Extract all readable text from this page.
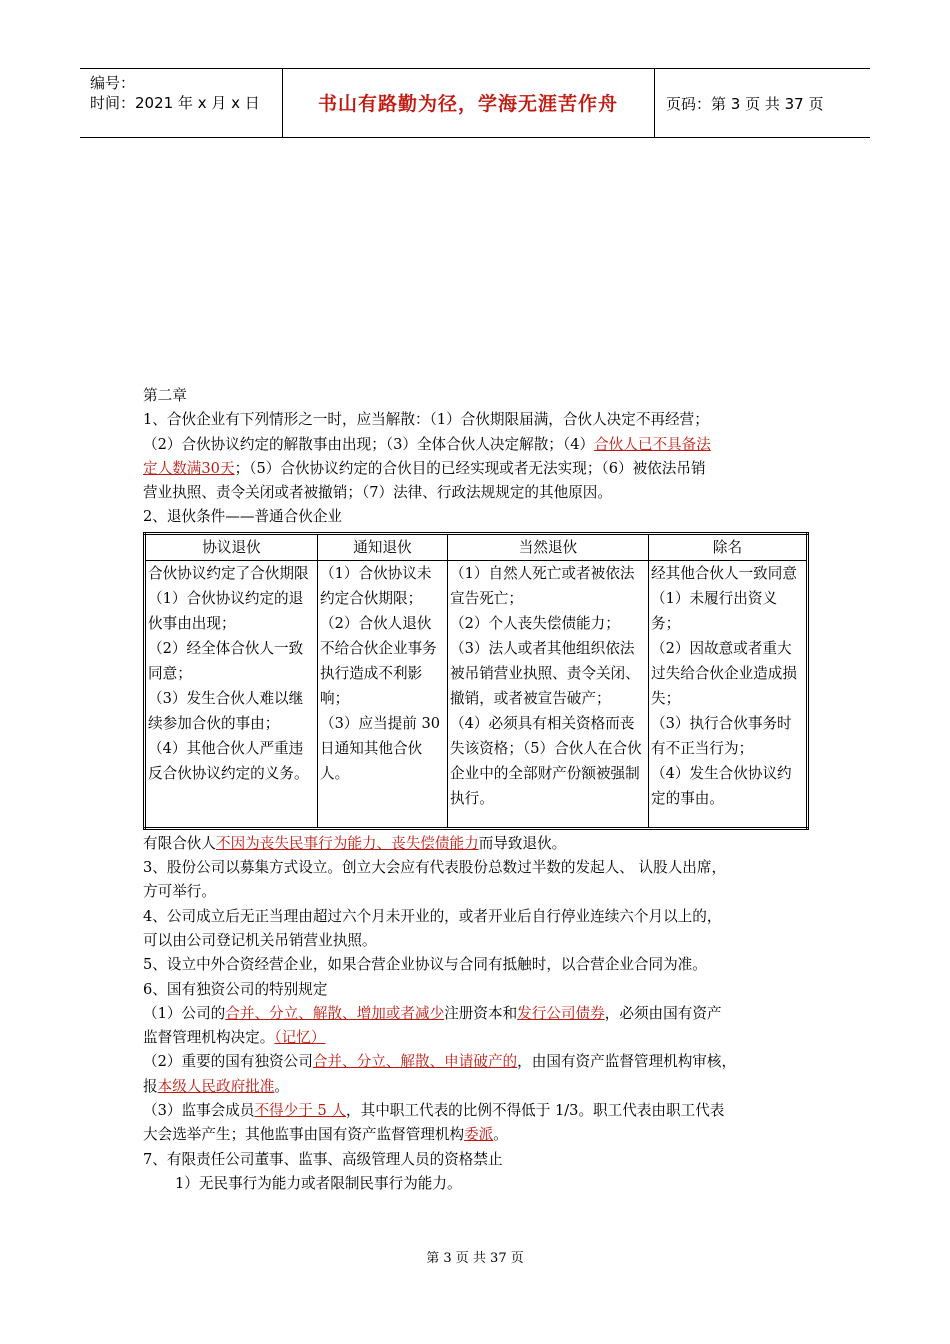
编号：
时间：2021 年 x 月 x 日	书山有路勤为径，学海无涯苦作舟	页码：第 3 页 共 37 页
第二章
1、合伙企业有下列情形之一时，应当解散：（1）合伙期限届满，合伙人决定不再经营；
（2）合伙协议约定的解散事由出现；（3）全体合伙人决定解散；（4）合伙人已不具备法
定人数满30天；（5）合伙协议约定的合伙目的已经实现或者无法实现；（6）被依法吊销
营业执照、责令关闭或者被撤销；（7）法律、行政法规规定的其他原因。
2、退伙条件——普通合伙企业
协议退伙	通知退伙	当然退伙	除名
合伙协议约定了合伙期限
（1）合伙协议约定的退伙事由出现；
（2）经全体合伙人一致同意；
（3）发生合伙人难以继续参加合伙的事由；
（4）其他合伙人严重违反合伙协议约定的义务。	（1）合伙协议未约定合伙期限；
（2）合伙人退伙不给合伙企业事务执行造成不利影响；
（3）应当提前 30 日通知其他合伙人。	（1）自然人死亡或者被依法宣告死亡；
（2）个人丧失偿债能力；
（3）法人或者其他组织依法被吊销营业执照、责令关闭、撤销，或者被宣告破产；
（4）必须具有相关资格而丧失该资格；（5）合伙人在合伙企业中的全部财产份额被强制执行。	经其他合伙人一致同意（1）未履行出资义务；
（2）因故意或者重大过失给合伙企业造成损失；
（3）执行合伙事务时有不正当行为；
（4）发生合伙协议约定的事由。
有限合伙人不因为丧失民事行为能力、丧失偿债能力而导致退伙。
3、股份公司以募集方式设立。创立大会应有代表股份总数过半数的发起人、 认股人出席，
方可举行。
4、公司成立后无正当理由超过六个月未开业的，或者开业后自行停业连续六个月以上的，
可以由公司登记机关吊销营业执照。
5、设立中外合资经营企业，如果合营企业协议与合同有抵触时，以合营企业合同为准。
6、国有独资公司的特别规定
（1）公司的合并、分立、解散、增加或者减少注册资本和发行公司债券，必须由国有资产
监督管理机构决定。（记忆）
（2）重要的国有独资公司合并、分立、解散、申请破产的，由国有资产监督管理机构审核，
报本级人民政府批准。
（3）监事会成员不得少于 5 人，其中职工代表的比例不得低于 1/3。职工代表由职工代表
大会选举产生；其他监事由国有资产监督管理机构委派。
7、有限责任公司董事、监事、高级管理人员的资格禁止
1）无民事行为能力或者限制民事行为能力。
第 3 页 共 37 页
